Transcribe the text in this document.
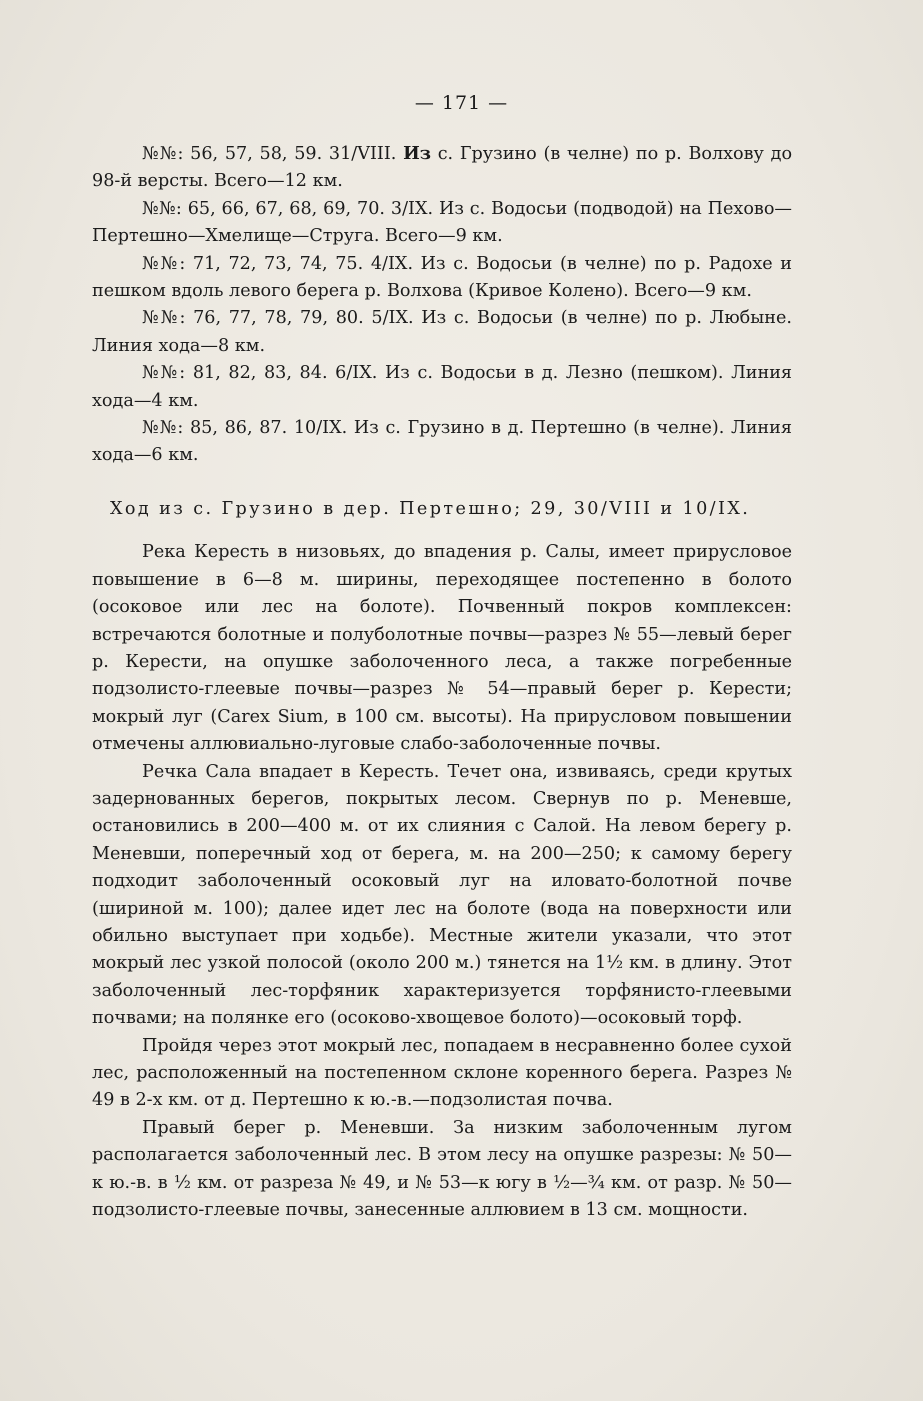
— 171 —

№№: 56, 57, 58, 59. 31/VIII. Из с. Грузино (в челне) по р. Волхову до 98-й версты. Всего—12 км.

№№: 65, 66, 67, 68, 69, 70. 3/IX. Из с. Водосьи (подводой) на Пехово—Пертешно—Хмелище—Струга. Всего—9 км.

№№: 71, 72, 73, 74, 75. 4/IX. Из с. Водосьи (в челне) по р. Радохе и пешком вдоль левого берега р. Волхова (Кривое Колено). Всего—9 км.

№№: 76, 77, 78, 79, 80. 5/IX. Из с. Водосьи (в челне) по р. Любыне. Линия хода—8 км.

№№: 81, 82, 83, 84. 6/IX. Из с. Водосьи в д. Лезно (пешком). Линия хода—4 км.

№№: 85, 86, 87. 10/IX. Из с. Грузино в д. Пертешно (в челне). Линия хода—6 км.

Ход из с. Грузино в дер. Пертешно; 29, 30/VIII и 10/IX.

Река Кересть в низовьях, до впадения р. Салы, имеет прирусловое повышение в 6—8 м. ширины, переходящее постепенно в болото (осоковое или лес на болоте). Почвенный покров комплексен: встречаются болотные и полуболотные почвы—разрез № 55—левый берег р. Керести, на опушке заболоченного леса, а также погребенные подзолисто-глеевые почвы—разрез № 54—правый берег р. Керести; мокрый луг (Carex Sium, в 100 см. высоты). На прирусловом повышении отмечены аллювиально-луговые слабо-заболоченные почвы.

Речка Сала впадает в Кересть. Течет она, извиваясь, среди крутых задернованных берегов, покрытых лесом. Свернув по р. Меневше, остановились в 200—400 м. от их слияния с Салой. На левом берегу р. Меневши, поперечный ход от берега, м. на 200—250; к самому берегу подходит заболоченный осоковый луг на иловато-болотной почве (шириной м. 100); далее идет лес на болоте (вода на поверхности или обильно выступает при ходьбе). Местные жители указали, что этот мокрый лес узкой полосой (около 200 м.) тянется на 1½ км. в длину. Этот заболоченный лес-торфяник характеризуется торфянисто-глеевыми почвами; на полянке его (осоково-хвощевое болото)—осоковый торф.

Пройдя через этот мокрый лес, попадаем в несравненно более сухой лес, расположенный на постепенном склоне коренного берега. Разрез № 49 в 2-х км. от д. Пертешно к ю.-в.—подзолистая почва.

Правый берег р. Меневши. За низким заболоченным лугом располагается заболоченный лес. В этом лесу на опушке разрезы: № 50—к ю.-в. в ½ км. от разреза № 49, и № 53—к югу в ½—¾ км. от разр. № 50—подзолисто-глеевые почвы, занесенные аллювием в 13 см. мощности.
